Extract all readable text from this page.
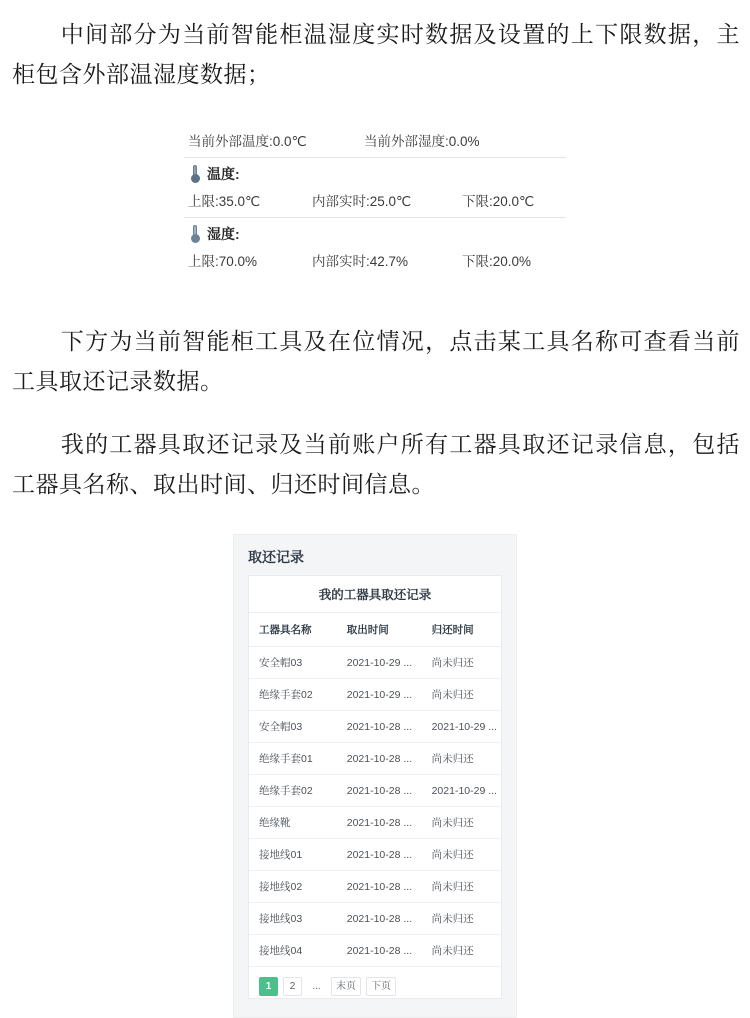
中间部分为当前智能柜温湿度实时数据及设置的上下限数据，主柜包含外部温湿度数据；

当前外部温度:0.0℃	当前外部湿度:0.0%
温度:
上限:35.0℃	内部实时:25.0℃	下限:20.0℃
湿度:
上限:70.0%	内部实时:42.7%	下限:20.0%

下方为当前智能柜工具及在位情况，点击某工具名称可查看当前工具取还记录数据。

我的工器具取还记录及当前账户所有工器具取还记录信息，包括工器具名称、取出时间、归还时间信息。

取还记录
我的工器具取还记录
工器具名称	取出时间	归还时间
安全帽03	2021-10-29 ...	尚未归还
绝缘手套02	2021-10-29 ...	尚未归还
安全帽03	2021-10-28 ...	2021-10-29 ...
绝缘手套01	2021-10-28 ...	尚未归还
绝缘手套02	2021-10-28 ...	2021-10-29 ...
绝缘靴	2021-10-28 ...	尚未归还
接地线01	2021-10-28 ...	尚未归还
接地线02	2021-10-28 ...	尚未归还
接地线03	2021-10-28 ...	尚未归还
接地线04	2021-10-28 ...	尚未归还
1	2	...	末页	下页
